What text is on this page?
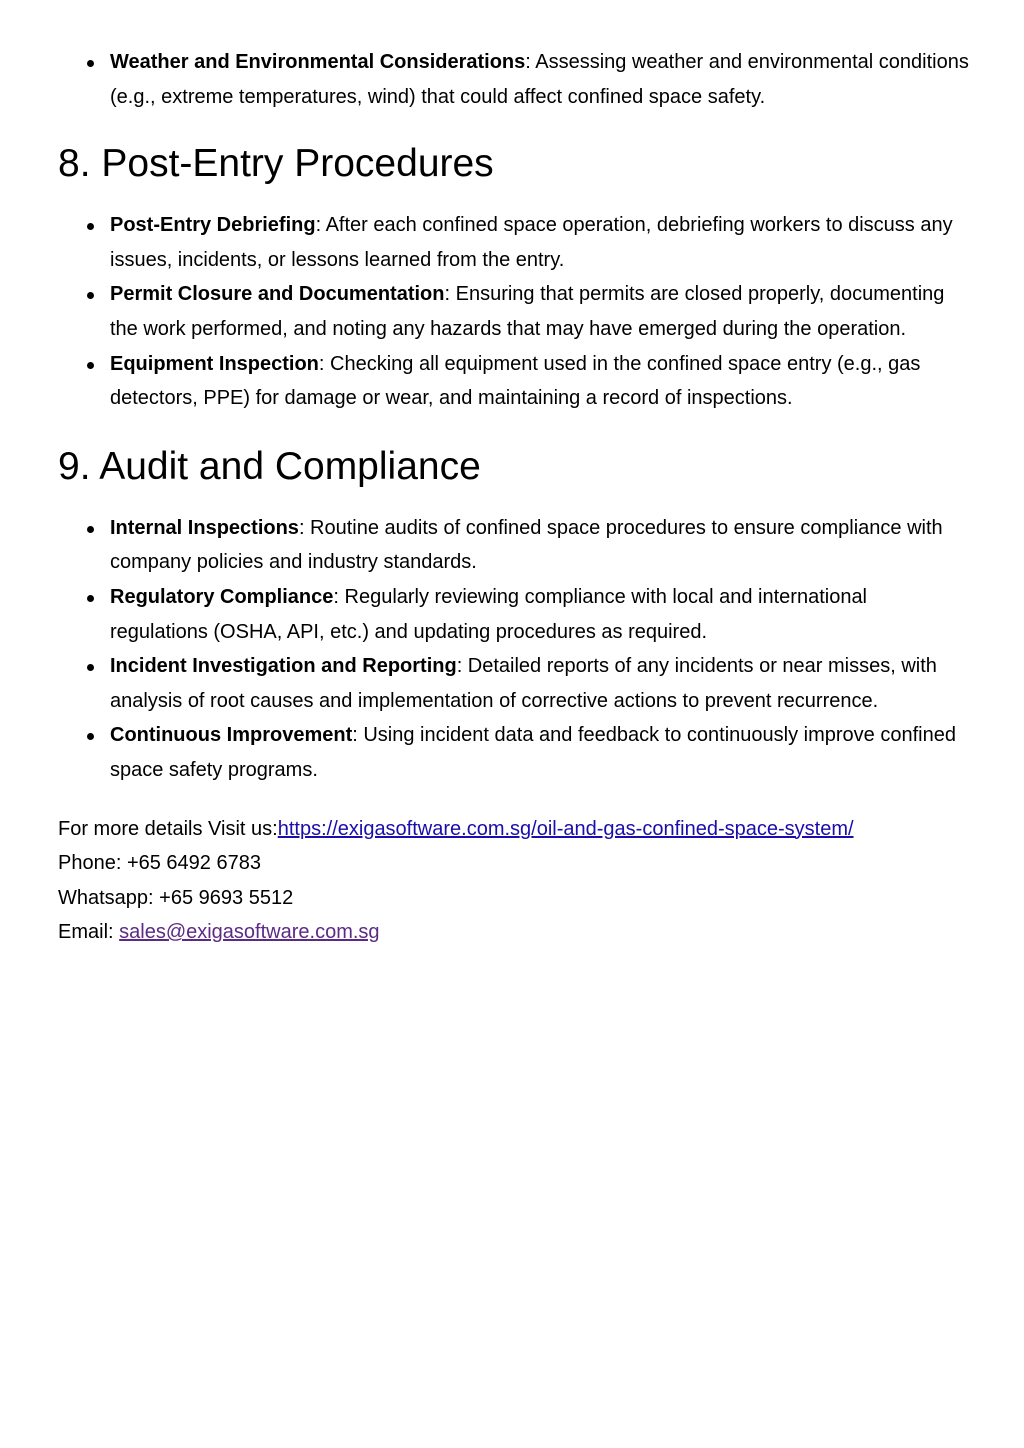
Weather and Environmental Considerations: Assessing weather and environmental conditions (e.g., extreme temperatures, wind) that could affect confined space safety.
8. Post-Entry Procedures
Post-Entry Debriefing: After each confined space operation, debriefing workers to discuss any issues, incidents, or lessons learned from the entry.
Permit Closure and Documentation: Ensuring that permits are closed properly, documenting the work performed, and noting any hazards that may have emerged during the operation.
Equipment Inspection: Checking all equipment used in the confined space entry (e.g., gas detectors, PPE) for damage or wear, and maintaining a record of inspections.
9. Audit and Compliance
Internal Inspections: Routine audits of confined space procedures to ensure compliance with company policies and industry standards.
Regulatory Compliance: Regularly reviewing compliance with local and international regulations (OSHA, API, etc.) and updating procedures as required.
Incident Investigation and Reporting: Detailed reports of any incidents or near misses, with analysis of root causes and implementation of corrective actions to prevent recurrence.
Continuous Improvement: Using incident data and feedback to continuously improve confined space safety programs.
For more details Visit us:https://exigasoftware.com.sg/oil-and-gas-confined-space-system/
Phone: +65 6492 6783
Whatsapp: +65 9693 5512
Email: sales@exigasoftware.com.sg
